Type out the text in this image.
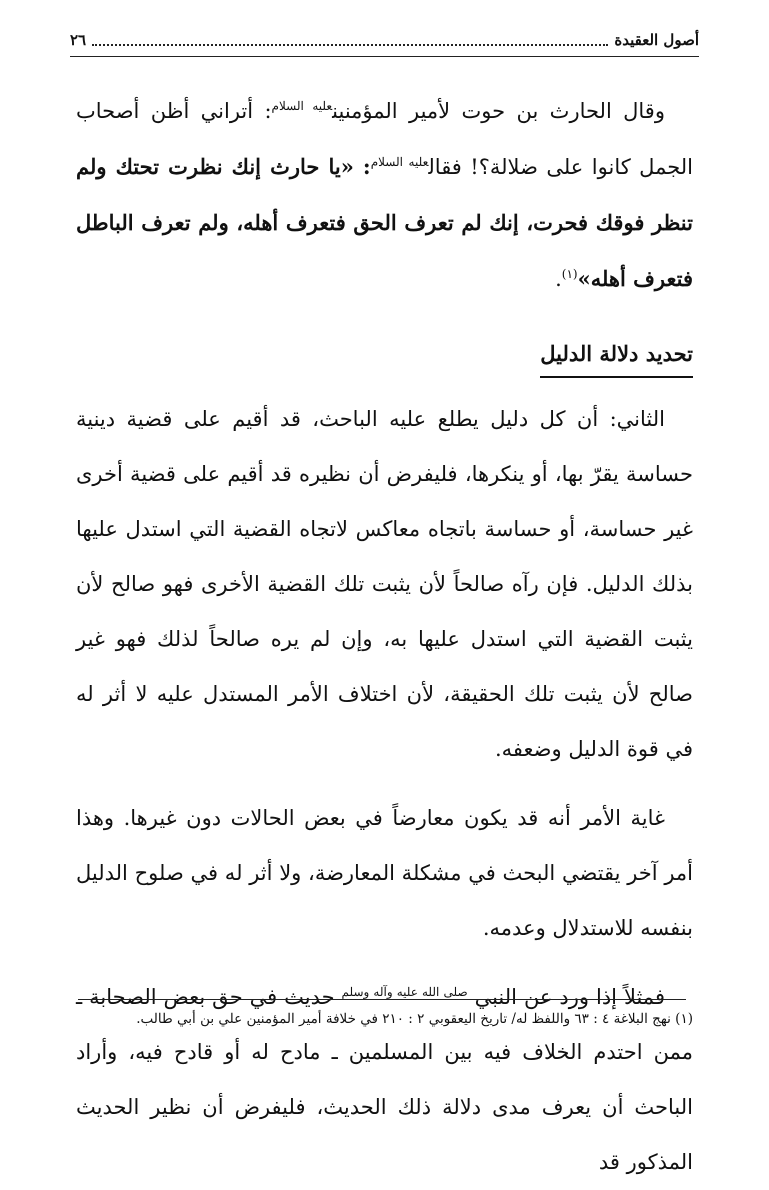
أصول العقيدة
٢٦

وقال الحارث بن حوت لأمير المؤمنين$^{عليه السلام}$: أتراني أظن أصحاب الجمل كانوا على ضلالة؟! فقال$^{عليه السلام}$: «يا حارث إنك نظرت تحتك ولم تنظر فوقك فحرت، إنك لم تعرف الحق فتعرف أهله، ولم تعرف الباطل فتعرف أهله»$^{(١)}$.

تحديد دلالة الدليل

الثاني: أن كل دليل يطلع عليه الباحث، قد أقيم على قضية دينية حساسة يقرّ بها، أو ينكرها، فليفرض أن نظيره قد أقيم على قضية أخرى غير حساسة، أو حساسة باتجاه معاكس لاتجاه القضية التي استدل عليها بذلك الدليل. فإن رآه صالحاً لأن يثبت تلك القضية الأخرى فهو صالح لأن يثبت القضية التي استدل عليها به، وإن لم يره صالحاً لذلك فهو غير صالح لأن يثبت تلك الحقيقة، لأن اختلاف الأمر المستدل عليه لا أثر له في قوة الدليل وضعفه.

غاية الأمر أنه قد يكون معارضاً في بعض الحالات دون غيرها. وهذا أمر آخر يقتضي البحث في مشكلة المعارضة، ولا أثر له في صلوح الدليل بنفسه للاستدلال وعدمه.

فمثلاً إذا ورد عن النبي $^{صلى الله عليه وآله وسلم}$ حديث في حق بعض الصحابة ـ ممن احتدم الخلاف فيه بين المسلمين ـ مادح له أو قادح فيه، وأراد الباحث أن يعرف مدى دلالة ذلك الحديث، فليفرض أن نظير الحديث المذكور قد

(١) نهج البلاغة ٤ : ٦٣ واللفظ له/ تاريخ اليعقوبي ٢ : ٢١٠ في خلافة أمير المؤمنين علي بن أبي طالب.
